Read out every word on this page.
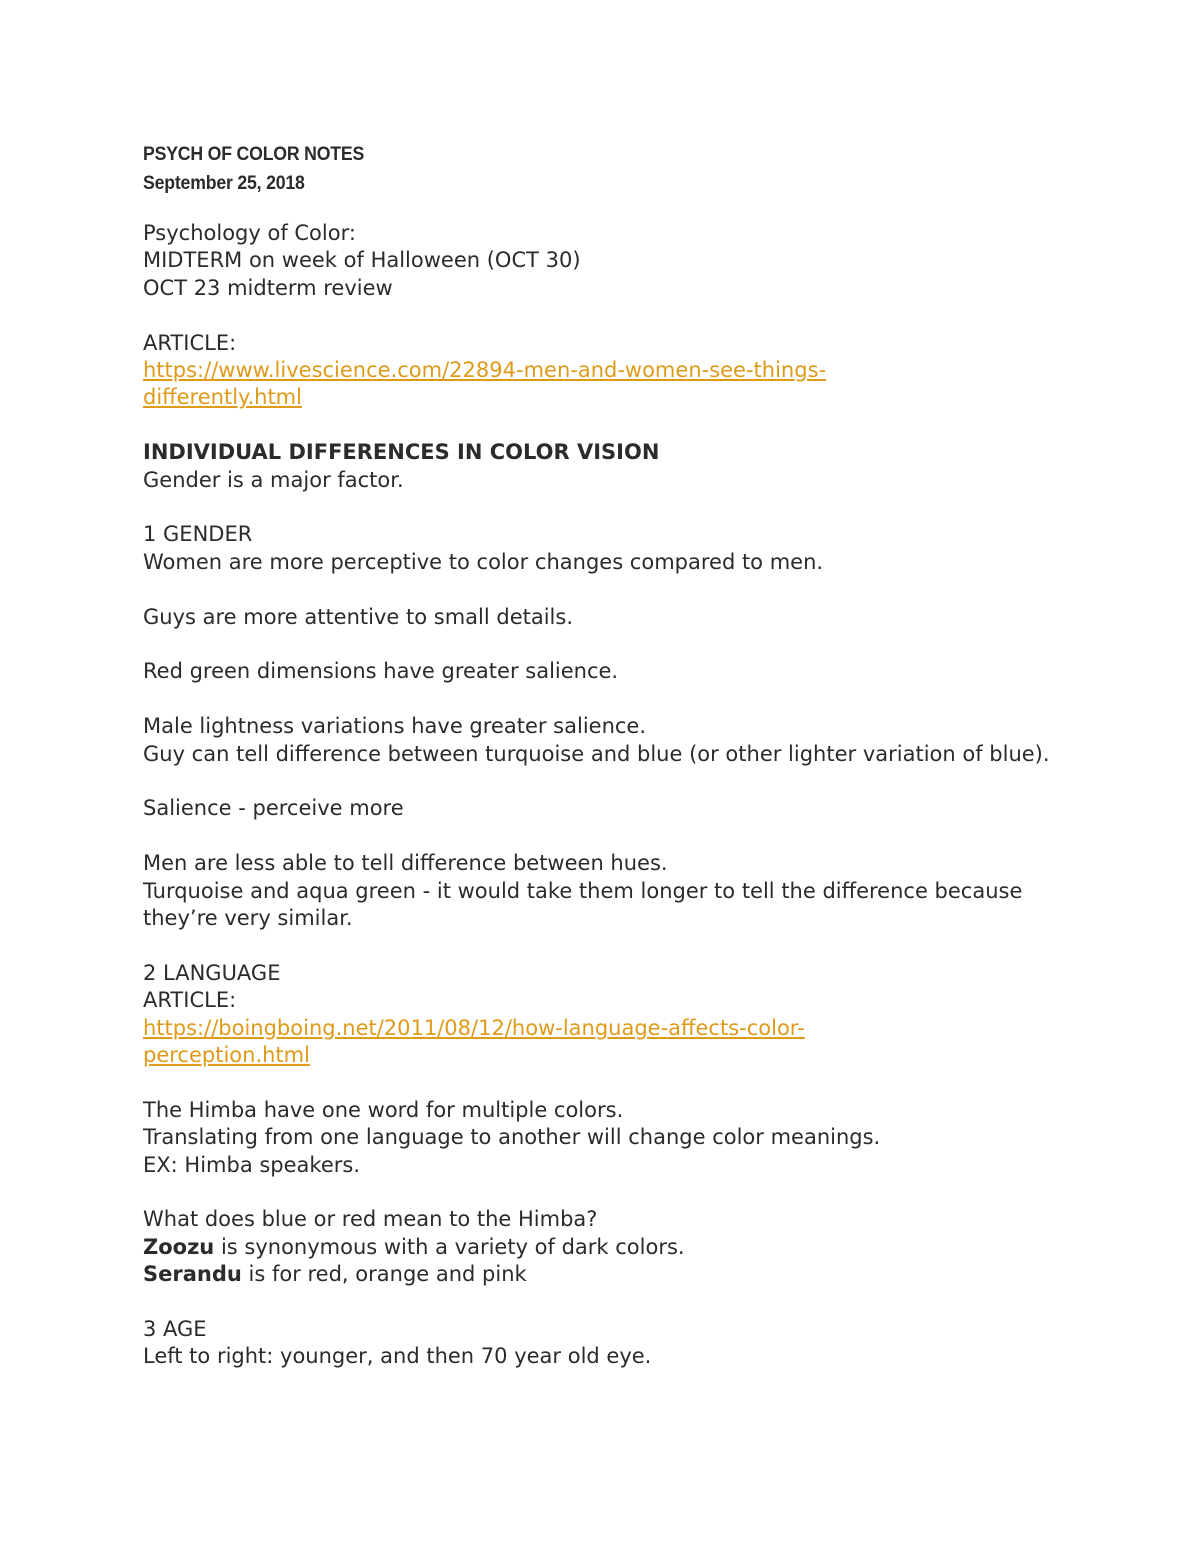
PSYCH OF COLOR NOTES
September 25, 2018
Psychology of Color:
MIDTERM on week of Halloween (OCT 30)
OCT 23 midterm review
ARTICLE:
https://www.livescience.com/22894-men-and-women-see-things-
differently.html
INDIVIDUAL DIFFERENCES IN COLOR VISION
Gender is a major factor.
1 GENDER
Women are more perceptive to color changes compared to men.
Guys are more attentive to small details.
Red green dimensions have greater salience.
Male lightness variations have greater salience.
Guy can tell difference between turquoise and blue (or other lighter variation of blue).
Salience - perceive more
Men are less able to tell difference between hues.
Turquoise and aqua green - it would take them longer to tell the difference because they’re very similar.
2 LANGUAGE
ARTICLE:
https://boingboing.net/2011/08/12/how-language-affects-color-
perception.html
The Himba have one word for multiple colors.
Translating from one language to another will change color meanings.
EX: Himba speakers.
What does blue or red mean to the Himba?
Zoozu is synonymous with a variety of dark colors.
Serandu is for red, orange and pink
3 AGE
Left to right: younger, and then 70 year old eye.
